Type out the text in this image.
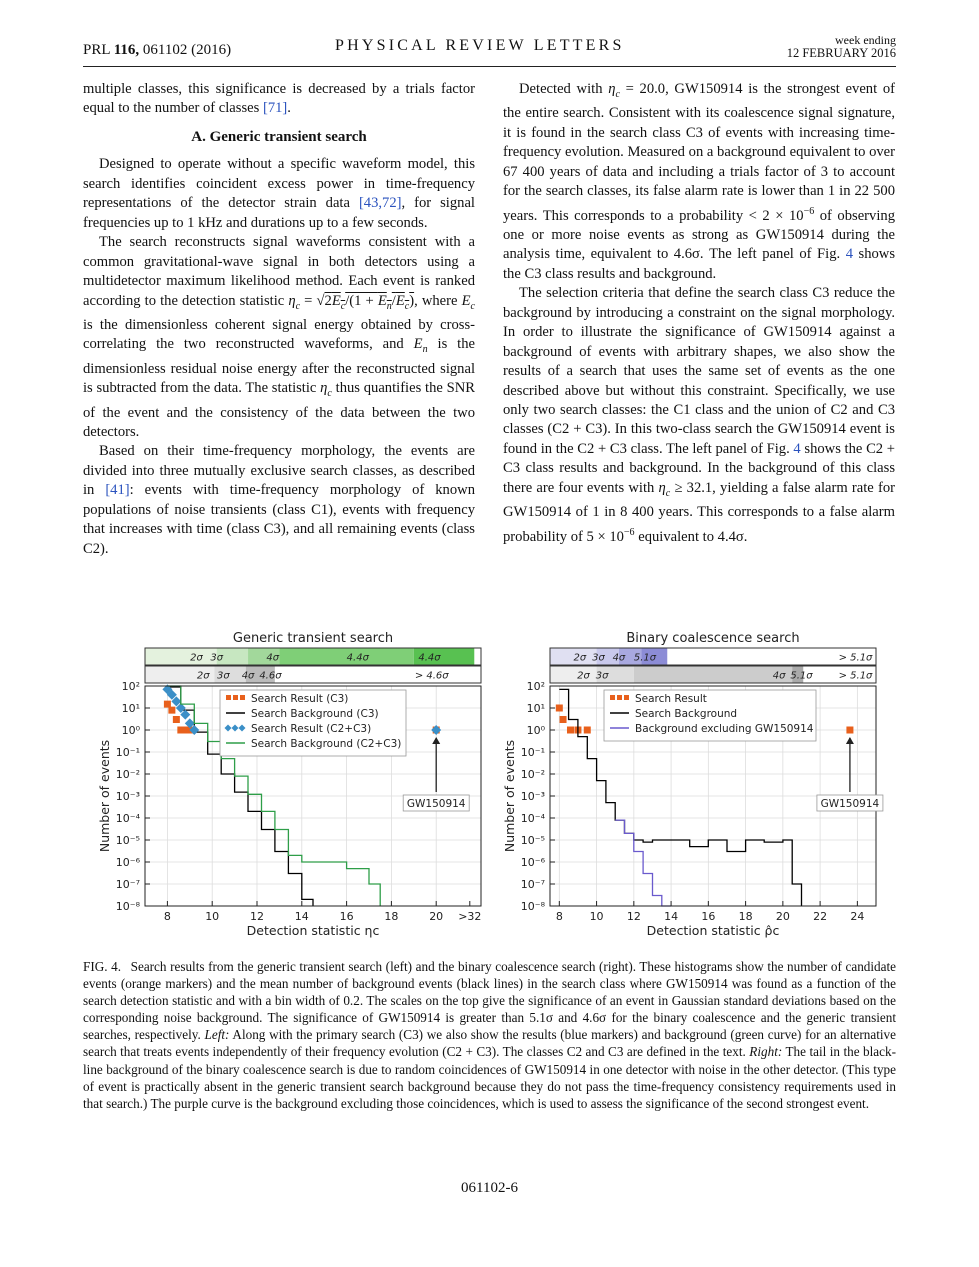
PRL 116, 061102 (2016)	PHYSICAL REVIEW LETTERS	week ending
12 FEBRUARY 2016

multiple classes, this significance is decreased by a trials factor equal to the number of classes [71].

A. Generic transient search

Designed to operate without a specific waveform model, this search identifies coincident excess power in time-frequency representations of the detector strain data [43,72], for signal frequencies up to 1 kHz and durations up to a few seconds.

The search reconstructs signal waveforms consistent with a common gravitational-wave signal in both detectors using a multidetector maximum likelihood method. Each event is ranked according to the detection statistic $\eta_c = √2E_c/(1 + E_n/E_c)$, where $E_c$ is the dimensionless coherent signal energy obtained by cross-correlating the two reconstructed waveforms, and $E_n$ is the dimensionless residual noise energy after the reconstructed signal is subtracted from the data. The statistic $\eta_c$ thus quantifies the SNR of the event and the consistency of the data between the two detectors.

Based on their time-frequency morphology, the events are divided into three mutually exclusive search classes, as described in [41]: events with time-frequency morphology of known populations of noise transients (class C1), events with frequency that increases with time (class C3), and all remaining events (class C2).

Detected with $\eta_c = 20.0$, GW150914 is the strongest event of the entire search. Consistent with its coalescence signal signature, it is found in the search class C3 of events with increasing time-frequency evolution. Measured on a background equivalent to over 67 400 years of data and including a trials factor of 3 to account for the search classes, its false alarm rate is lower than 1 in 22 500 years. This corresponds to a probability < $2 \times 10^{-6}$ of observing one or more noise events as strong as GW150914 during the analysis time, equivalent to 4.6σ. The left panel of Fig. 4 shows the C3 class results and background.

The selection criteria that define the search class C3 reduce the background by introducing a constraint on the signal morphology. In order to illustrate the significance of GW150914 against a background of events with arbitrary shapes, we also show the results of a search that uses the same set of events as the one described above but without this constraint. Specifically, we use only two search classes: the C1 class and the union of C2 and C3 classes (C2 + C3). In this two-class search the GW150914 event is found in the C2 + C3 class. The left panel of Fig. 4 shows the C2 + C3 class results and background. In the background of this class there are four events with $\eta_c \ge 32.1$, yielding a false alarm rate for GW150914 of 1 in 8 400 years. This corresponds to a false alarm probability of $5 \times 10^{-6}$ equivalent to 4.4σ.

Generic transient search
2σ 3σ	4σ	4.4σ	4.4σ
2σ 3σ 4σ 4.6σ	> 4.6σ
10²
10¹
10⁰
10⁻¹
10⁻²
10⁻³
10⁻⁴
10⁻⁵
10⁻⁶
10⁻⁷
10⁻⁸
8	10	12	14	16	18	20 >32
Detection statistic ηc
Number of events
Search Result (C3)
Search Background (C3)
Search Result (C2+C3)
Search Background (C2+C3)
GW150914
Binary coalescence search
2σ 3σ 4σ 5.1σ	> 5.1σ
2σ 3σ	4σ 5.1σ	> 5.1σ
10²
10¹
10⁰
10⁻¹
10⁻²
10⁻³
10⁻⁴
10⁻⁵
10⁻⁶
10⁻⁷
10⁻⁸
8 10 12 14 16 18 20 22 24
Detection statistic ρ̂c
Number of events
Search Result
Search Background
Background excluding GW150914
GW150914
FIG. 4. Search results from the generic transient search (left) and the binary coalescence search (right). These histograms show the number of candidate events (orange markers) and the mean number of background events (black lines) in the search class where GW150914 was found as a function of the search detection statistic and with a bin width of 0.2. The scales on the top give the significance of an event in Gaussian standard deviations based on the corresponding noise background. The significance of GW150914 is greater than 5.1σ and 4.6σ for the binary coalescence and the generic transient searches, respectively. Left: Along with the primary search (C3) we also show the results (blue markers) and background (green curve) for an alternative search that treats events independently of their frequency evolution (C2 + C3). The classes C2 and C3 are defined in the text. Right: The tail in the black-line background of the binary coalescence search is due to random coincidences of GW150914 in one detector with noise in the other detector. (This type of event is practically absent in the generic transient search background because they do not pass the time-frequency consistency requirements used in that search.) The purple curve is the background excluding those coincidences, which is used to assess the significance of the second strongest event.
061102-6
